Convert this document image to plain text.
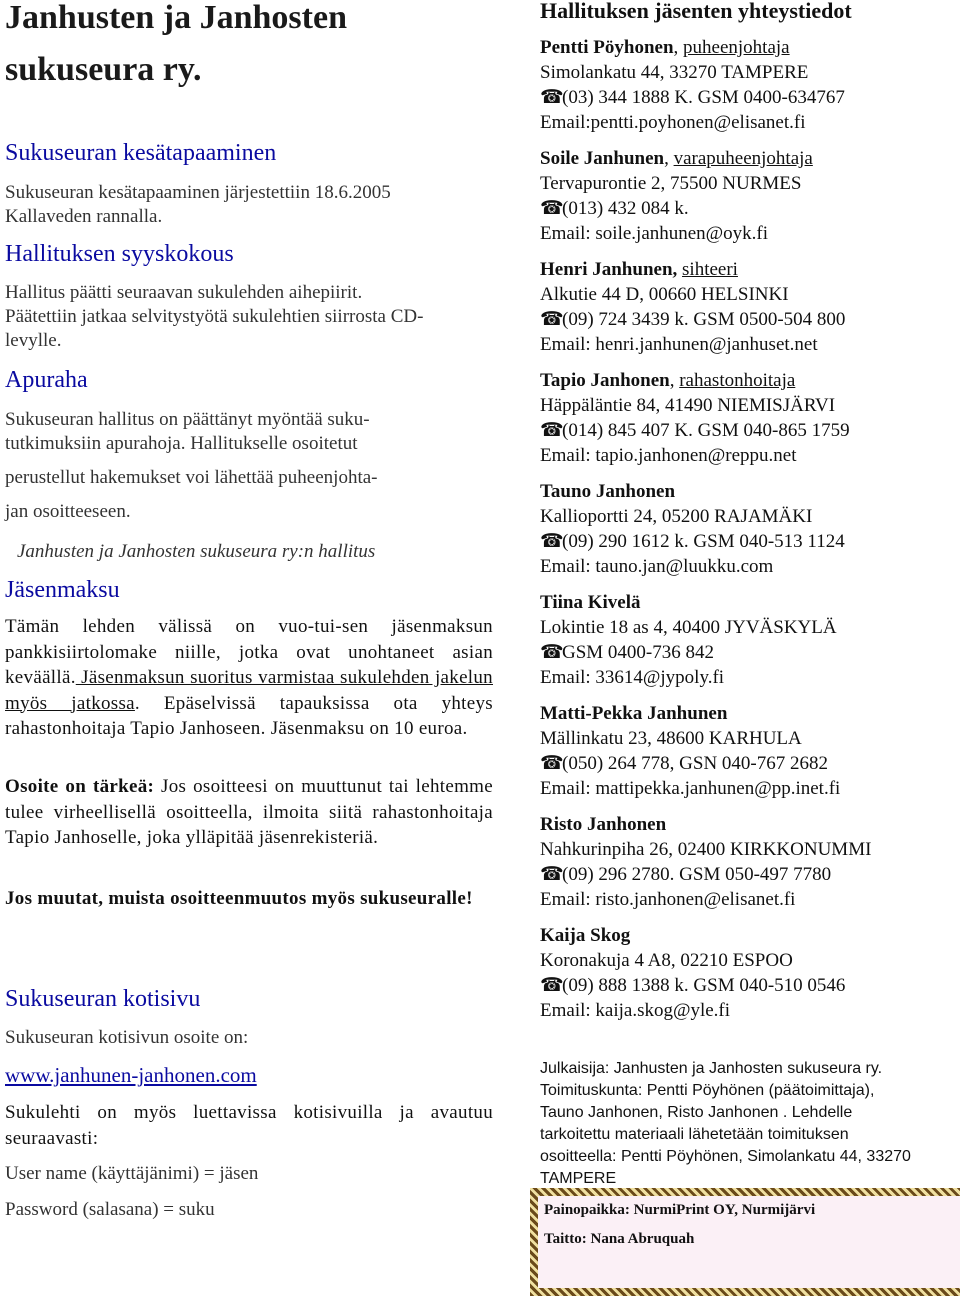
Janhusten ja Janhosten
sukuseura ry.
Sukuseuran kesätapaaminen
Sukuseuran kesätapaaminen järjestettiin 18.6.2005
Kallaveden rannalla.
Hallituksen syyskokous
Hallitus päätti seuraavan sukulehden aihepiirit.
Päätettiin jatkaa selvitystyötä sukulehtien siirrosta CD-
levylle.
Apuraha
Sukuseuran hallitus on päättänyt myöntää suku-
tutkimuksiin apurahoja. Hallitukselle osoitetut
perustellut hakemukset voi lähettää puheenjohta-
jan osoitteeseen.
Janhusten ja Janhosten sukuseura ry:n hallitus
Jäsenmaksu
Tämän lehden välissä on vuo-tui-sen jäsenmaksun pankkisiirtolomake niille, jotka ovat unohtaneet asian keväällä. Jäsenmaksun suoritus varmistaa sukulehden jakelun myös jatkossa. Epäselvissä tapauksissa ota yhteys rahastonhoitaja Tapio Janhoseen. Jäsenmaksu on 10 euroa.
Osoite on tärkeä: Jos osoitteesi on muuttunut tai lehtemme tulee virheellisellä osoitteella, ilmoita siitä rahastonhoitaja Tapio Janhoselle, joka ylläpitää jäsenrekisteriä.
Jos muutat, muista osoitteenmuutos myös sukuseuralle!
Sukuseuran kotisivu
Sukuseuran kotisivun osoite on:
www.janhunen-janhonen.com
Sukulehti on myös luettavissa kotisivuilla ja avautuu seuraavasti:
User name (käyttäjänimi) = jäsen
Password (salasana) = suku
Hallituksen jäsenten yhteystiedot
Pentti Pöyhonen, puheenjohtaja
Simolankatu 44, 33270 TAMPERE
☎(03) 344 1888 K. GSM 0400-634767
Email:pentti.poyhonen@elisanet.fi
Soile Janhunen, varapuheenjohtaja
Tervapurontie 2, 75500 NURMES
☎(013) 432 084 k.
Email: soile.janhunen@oyk.fi
Henri Janhunen, sihteeri
Alkutie 44 D, 00660 HELSINKI
☎(09) 724 3439 k. GSM 0500-504 800
Email: henri.janhunen@janhuset.net
Tapio Janhonen, rahastonhoitaja
Häppäläntie 84, 41490 NIEMISJÄRVI
☎(014) 845 407 K. GSM 040-865 1759
Email: tapio.janhonen@reppu.net
Tauno Janhonen
Kallioportti 24, 05200 RAJAMÄKI
☎(09) 290 1612 k. GSM 040-513 1124
Email: tauno.jan@luukku.com
Tiina Kivelä
Lokintie 18 as 4, 40400 JYVÄSKYLÄ
☎GSM 0400-736 842
Email: 33614@jypoly.fi
Matti-Pekka Janhunen
Mällinkatu 23, 48600 KARHULA
☎(050) 264 778, GSN 040-767 2682
Email: mattipekka.janhunen@pp.inet.fi
Risto Janhonen
Nahkurinpiha 26, 02400 KIRKKONUMMI
☎(09) 296 2780. GSM 050-497 7780
Email: risto.janhonen@elisanet.fi
Kaija Skog
Koronakuja 4 A8, 02210 ESPOO
☎(09) 888 1388 k. GSM 040-510 0546
Email: kaija.skog@yle.fi
Julkaisija: Janhusten ja Janhosten sukuseura ry.
Toimituskunta: Pentti Pöyhönen (päätoimittaja),
Tauno Janhonen, Risto Janhonen . Lehdelle
tarkoitettu materiaali lähetetään toimituksen
osoitteella: Pentti Pöyhönen, Simolankatu 44, 33270
TAMPERE
Painopaikka: NurmiPrint OY, Nurmijärvi
Taitto: Nana Abruquah
